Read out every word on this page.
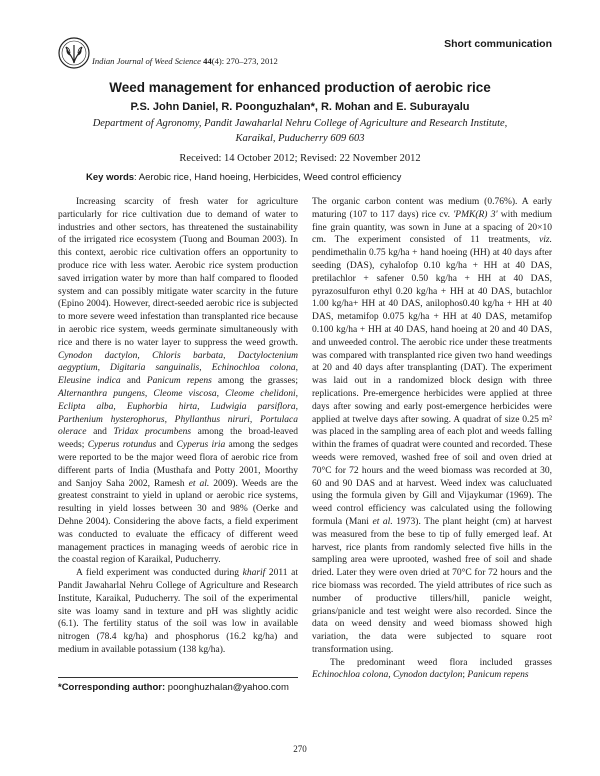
Indian Journal of Weed Science 44(4): 270–273, 2012
Short communication
Weed management for enhanced production of aerobic rice
P.S. John Daniel, R. Poonguzhalan*, R. Mohan and E. Suburayalu
Department of Agronomy, Pandit Jawaharlal Nehru College of Agriculture and Research Institute,
Karaikal, Puducherry 609 603
Received: 14 October 2012; Revised: 22 November 2012
Key words: Aerobic rice, Hand hoeing, Herbicides, Weed control efficiency

Increasing scarcity of fresh water for agriculture particularly for rice cultivation due to demand of water to industries and other sectors, has threatened the sustainability of the irrigated rice ecosystem (Tuong and Bouman 2003). In this context, aerobic rice cultivation offers an opportunity to produce rice with less water. Aerobic rice system production saved irrigation water by more than half compared to flooded system and can possibly mitigate water scarcity in the future (Epino 2004). However, direct-seeded aerobic rice is subjected to more severe weed infestation than transplanted rice because in aerobic rice system, weeds germinate simultaneously with rice and there is no water layer to suppress the weed growth. Cynodon dactylon, Chloris barbata, Dactyloctenium aegyptium, Digitaria sanguinalis, Echinochloa colona, Eleusine indica and Panicum repens among the grasses; Alternanthra pungens, Cleome viscosa, Cleome chelidoni, Eclipta alba, Euphorbia hirta, Ludwigia parsiflora, Parthenium hysterophorus, Phyllanthus niruri, Portulaca olerace and Tridax procumbens among the broad-leaved weeds; Cyperus rotundus and Cyperus iria among the sedges were reported to be the major weed flora of aerobic rice from different parts of India (Musthafa and Potty 2001, Moorthy and Sanjoy Saha 2002, Ramesh et al. 2009). Weeds are the greatest constraint to yield in upland or aerobic rice systems, resulting in yield losses between 30 and 98% (Oerke and Dehne 2004). Considering the above facts, a field experiment was conducted to evaluate the efficacy of different weed management practices in managing weeds of aerobic rice in the coastal region of Karaikal, Puducherry.

A field experiment was conducted during kharif 2011 at Pandit Jawaharlal Nehru College of Agriculture and Research Institute, Karaikal, Puducherry. The soil of the experimental site was loamy sand in texture and pH was slightly acidic (6.1). The fertility status of the soil was low in available nitrogen (78.4 kg/ha) and phosphorus (16.2 kg/ha) and medium in available potassium (138 kg/ha).

The organic carbon content was medium (0.76%). A early maturing (107 to 117 days) rice cv. 'PMK(R) 3' with medium fine grain quantity, was sown in June at a spacing of 20×10 cm. The experiment consisted of 11 treatments, viz. pendimethalin 0.75 kg/ha + hand hoeing (HH) at 40 days after seeding (DAS), cyhalofop 0.10 kg/ha + HH at 40 DAS, pretilachlor + safener 0.50 kg/ha + HH at 40 DAS, pyrazosulfuron ethyl 0.20 kg/ha + HH at 40 DAS, butachlor 1.00 kg/ha+ HH at 40 DAS, anilophos0.40 kg/ha + HH at 40 DAS, metamifop 0.075 kg/ha + HH at 40 DAS, metamifop 0.100 kg/ha + HH at 40 DAS, hand hoeing at 20 and 40 DAS, and unweeded control. The aerobic rice under these treatments was compared with transplanted rice given two hand weedings at 20 and 40 days after transplanting (DAT). The experiment was laid out in a randomized block design with three replications. Pre-emergence herbicides were applied at three days after sowing and early post-emergence herbicides were applied at twelve days after sowing. A quadrat of size 0.25 m² was placed in the sampling area of each plot and weeds falling within the frames of quadrat were counted and recorded. These weeds were removed, washed free of soil and oven dried at 70°C for 72 hours and the weed biomass was recorded at 30, 60 and 90 DAS and at harvest. Weed index was calucluated using the formula given by Gill and Vijaykumar (1969). The weed control efficiency was calculated using the following formula (Mani et al. 1973). The plant height (cm) at harvest was measured from the bese to tip of fully emerged leaf. At harvest, rice plants from randomly selected five hills in the sampling area were uprooted, washed free of soil and shade dried. Later they were oven dried at 70°C for 72 hours and the rice biomass was recorded. The yield attributes of rice such as number of productive tillers/hill, panicle weight, grians/panicle and test weight were also recorded. Since the data on weed density and weed biomass showed high variation, the data were subjected to square root transformation using.

The predominant weed flora included grasses Echinochloa colona, Cynodon dactylon; Panicum repens

*Corresponding author: poonghuzhalan@yahoo.com
270
